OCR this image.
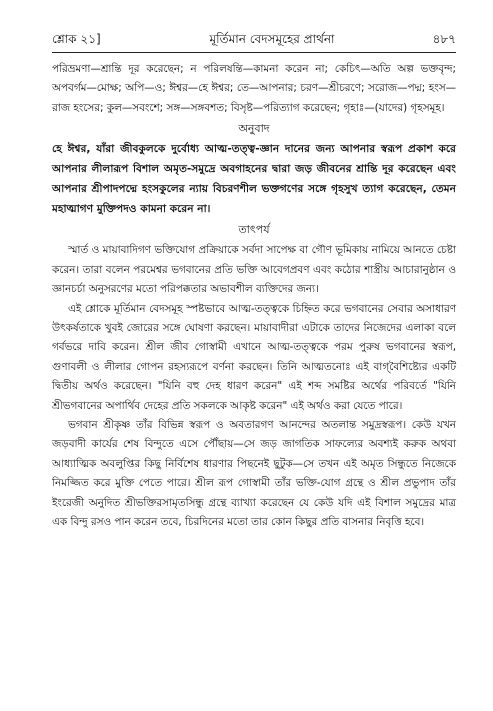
শ্লোক ২১]	মূর্তিমান বেদসমূহের প্রার্থনা	৪৮৭

পরিভ্রমণা—শ্রান্তি দূর করেছেন; ন পরিলষন্তি—কামনা করেন না; কেচিৎ—অতি অল্প ভক্তবৃন্দ; অপবর্গম—মোক্ষ; অপি—ও; ঈশ্বর—হে ঈশ্বর; তে—আপনার; চরণ—শ্রীচরণে; সরোজ—পদ্ম; হংস—রাজ হংসের; কুল—সবংশে; সঙ্গ—সঙ্গবশত; বিসৃষ্ট—পরিত্যাগ করেছেন; গৃহাঃ—(যাদের) গৃহসমূহ।

অনুবাদ

হে ঈশ্বর, যাঁরা জীবকুলকে দুর্বোধ্য আত্ম-তত্ত্ব-জ্ঞান দানের জন্য আপনার স্বরূপ প্রকাশ করে আপনার লীলারূপ বিশাল অমৃত-সমুদ্রে অবগাহনের দ্বারা জড় জীবনের শ্রান্তি দূর করেছেন এবং আপনার শ্রীপাদপদ্মে হংসকুলের ন্যায় বিচরণশীল ভক্তগণের সঙ্গে গৃহসুখ ত্যাগ করেছেন, তেমন মহাত্মাগণ মুক্তিপদও কামনা করেন না।

তাৎপর্য

স্মার্ত ও মায়াবাদিগণ ভক্তিযোগ প্রক্রিয়াকে সর্বদা সাপেক্ষ বা গৌণ ভূমিকায় নামিয়ে আনতে চেষ্টা করেন। তারা বলেন পরমেশ্বর ভগবানের প্রতি ভক্তি আবেগপ্রবণ এবং কঠোর শাস্ত্রীয় আচারানুষ্ঠান ও জ্ঞানচর্চা অনুসরণের মতো পরিপক্কতার অভাবশীল ব্যক্তিদের জন্য।

এই শ্লোকে মূর্তিমান বেদসমূহ স্পষ্টভাবে আত্ম-তত্ত্বকে চিহ্নিত করে ভগবানের সেবার অসাধারণ উৎকর্ষতাকে খুবই জোরের সঙ্গে ঘোষণা করছেন। মায়াবাদীরা এটাকে তাদের নিজেদের এলাকা বলে গর্বভরে দাবি করেন। শ্রীল জীব গোস্বামী এখানে আত্ম-তত্ত্বকে পরম পুরুষ ভগবানের স্বরূপ, গুণাবলী ও লীলার গোপন রহস্যরূপে বর্ণনা করছেন। তিনি আত্মতনোঃ এই বাগ্‌বৈশিষ্ট্যের একটি দ্বিতীয় অর্থও করেছেন। "যিনি বহু দেহ ধারণ করেন" এই শব্দ সমষ্টির অর্থের পরিবর্তে "যিনি শ্রীভগবানের অপার্থিব দেহের প্রতি সকলকে আকৃষ্ট করেন" এই অর্থও করা যেতে পারে।

ভগবান শ্রীকৃষ্ণ তাঁর বিভিন্ন স্বরূপ ও অবতারগণ আনন্দের অতলান্ত সমুদ্রস্বরূপ। কেউ যখন জড়বাদী কার্যের শেষ বিন্দুতে এসে পৌঁছায়—সে জড় জাগতিক সাফল্যের অবশ্যই করুক অথবা আধ্যাত্মিক অবলুপ্তির কিছু নির্বিশেষ ধারণার পিছনেই ছুটুক—সে তখন এই অমৃত সিন্ধুতে নিজেকে নিমজ্জিত করে মুক্তি পেতে পারে। শ্রীল রূপ গোস্বামী তাঁর ভক্তি-যোগ গ্রন্থে ও শ্রীল প্রভুপাদ তাঁর ইংরেজী অনুদিত শ্রীভক্তিরসামৃতসিন্ধু গ্রন্থে ব্যাখ্যা করেছেন যে কেউ যদি এই বিশাল সমুদ্রের মাত্র এক বিন্দু রসও পান করেন তবে, চিরদিনের মতো তার কোন কিছুর প্রতি বাসনার নিবৃত্তি হবে।
